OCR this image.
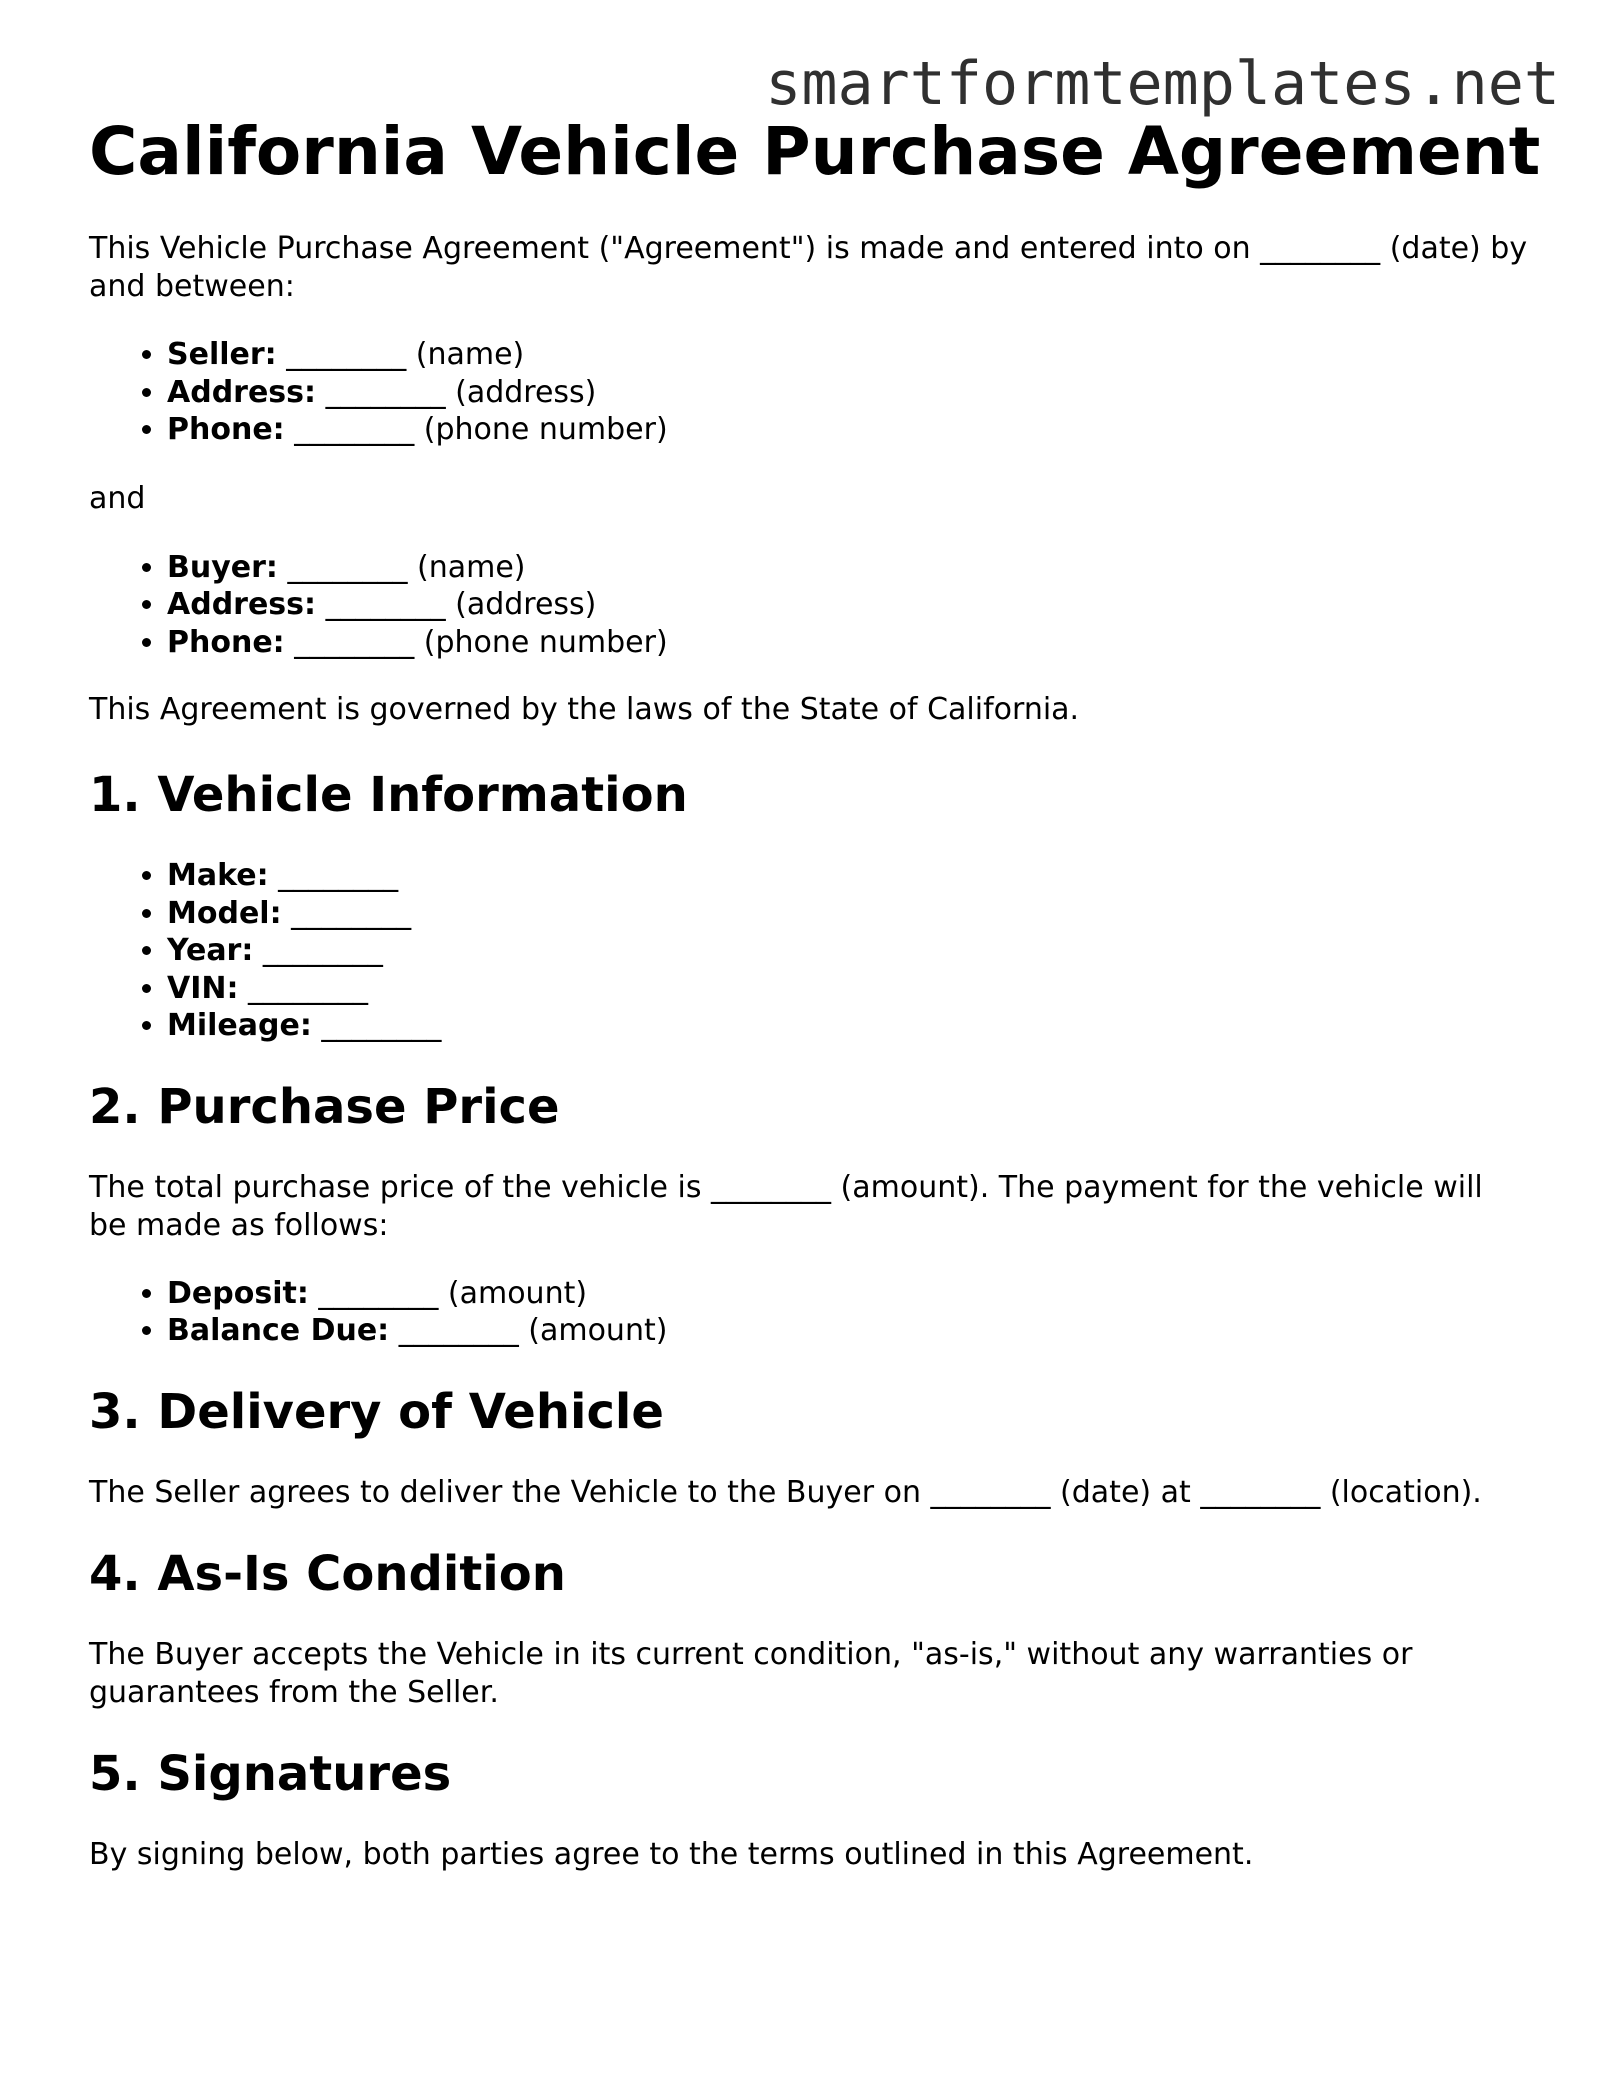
smartformtemplates.net

California Vehicle Purchase Agreement

This Vehicle Purchase Agreement ("Agreement") is made and entered into on ________ (date) by and between:

• Seller: ________ (name)
• Address: ________ (address)
• Phone: ________ (phone number)

and

• Buyer: ________ (name)
• Address: ________ (address)
• Phone: ________ (phone number)

This Agreement is governed by the laws of the State of California.

1. Vehicle Information
• Make: ________
• Model: ________
• Year: ________
• VIN: ________
• Mileage: ________
2. Purchase Price

The total purchase price of the vehicle is ________ (amount). The payment for the vehicle will be made as follows:

• Deposit: ________ (amount)
• Balance Due: ________ (amount)
3. Delivery of Vehicle

The Seller agrees to deliver the Vehicle to the Buyer on ________ (date) at ________ (location).

4. As-Is Condition

The Buyer accepts the Vehicle in its current condition, "as-is," without any warranties or guarantees from the Seller.

5. Signatures

By signing below, both parties agree to the terms outlined in this Agreement.
